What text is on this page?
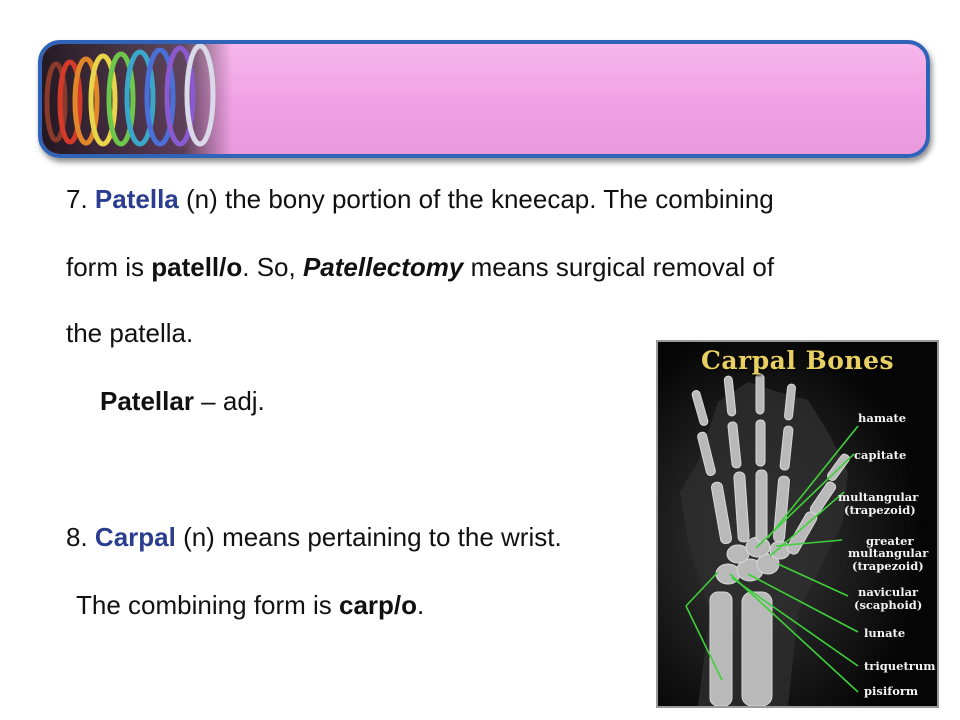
7. Patella (n) the bony portion of the kneecap. The combining
form is patell/o. So, Patellectomy means surgical removal of
the patella.
Patellar – adj.
8. Carpal (n) means pertaining to the wrist.
The combining form is carp/o.
Carpal Bones
hamate
capitate
multangular
(trapezoid)
greater
multangular
(trapezoid)
navicular
(scaphoid)
lunate
triquetrum
pisiform
